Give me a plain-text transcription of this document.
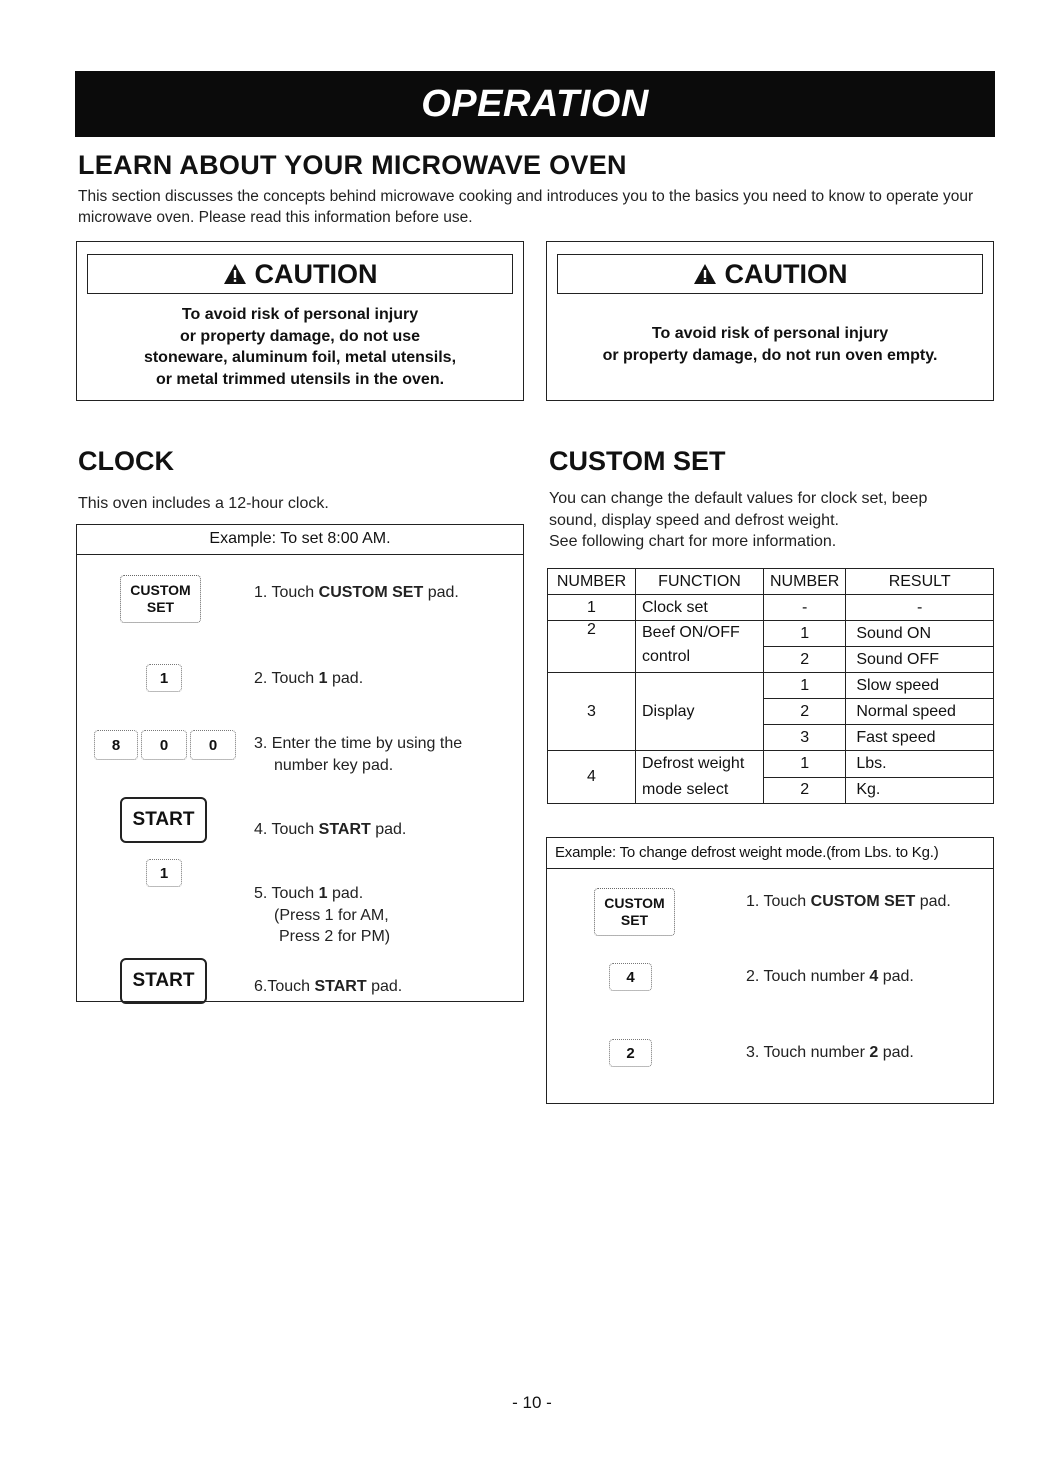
OPERATION
LEARN ABOUT YOUR MICROWAVE OVEN
This section discusses the concepts behind microwave cooking and introduces you to the basics you need to know to operate your microwave oven. Please read this information before use.
CAUTION
To avoid risk of personal injury
or property damage, do not use
stoneware, aluminum foil, metal utensils,
or metal trimmed utensils in the oven.
CAUTION
To avoid risk of personal injury
or property damage, do not run oven empty.
CLOCK
This oven includes a 12-hour clock.
Example: To set 8:00 AM.
CUSTOM
SET
1. Touch CUSTOM SET pad.
1	2. Touch 1 pad.
8	0	0 3. Enter the time by using the
number key pad.
START	4. Touch START pad.
1
5. Touch 1 pad.
(Press 1 for AM,
Press 2 for PM)
START	6.Touch START pad.
CUSTOM SET
You can change the default values for clock set, beep
sound, display speed and defrost weight.
See following chart for more information.
NUMBER	FUNCTION	NUMBER	RESULT
1	Clock set	-	-
2	Beef ON/OFF
control	1	Sound ON
		2	Sound OFF
3	Display	1	Slow speed
		2	Normal speed
		3	Fast speed
4	Defrost weight
mode select	1	Lbs.
		2	Kg.
Example: To change defrost weight mode.(from Lbs. to Kg.)
CUSTOM
SET
1. Touch CUSTOM SET pad.
4	2. Touch number 4 pad.
2	3. Touch number 2 pad.
- 10 -
